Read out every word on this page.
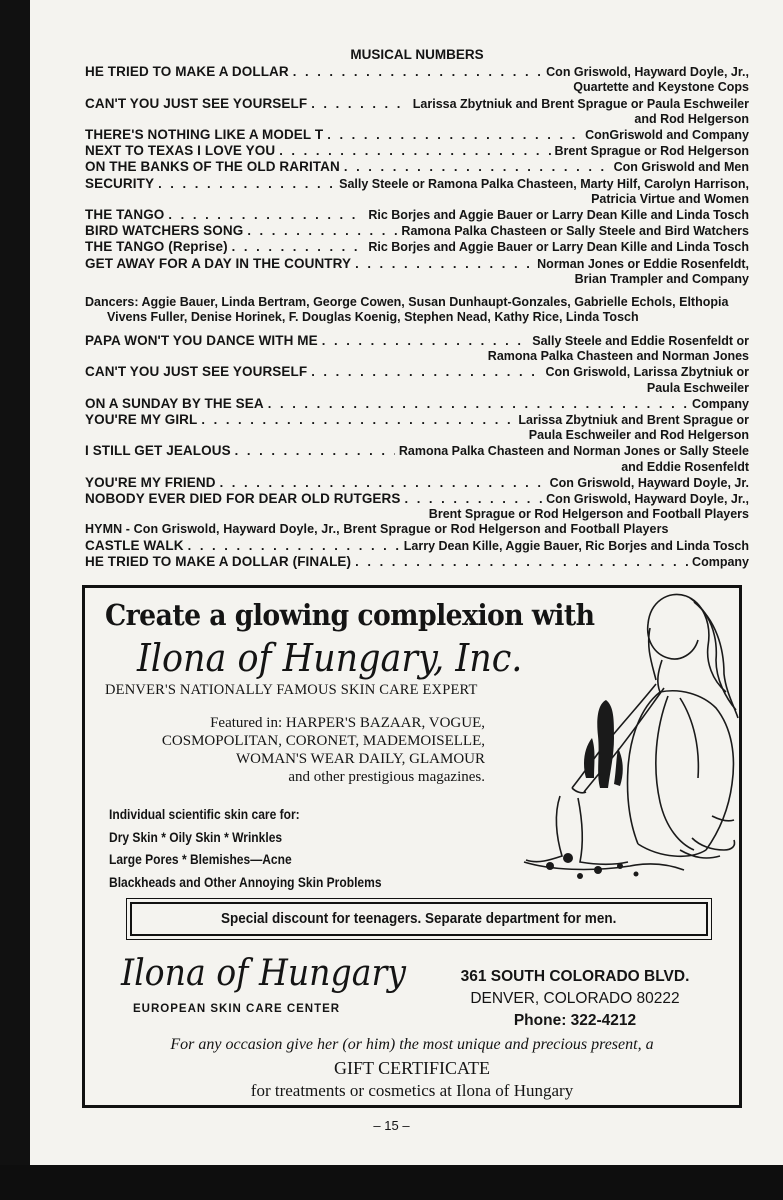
MUSICAL NUMBERS
HE TRIED TO MAKE A DOLLAR . . .	Con Griswold, Hayward Doyle, Jr.,
Quartette and Keystone Cops
CAN'T YOU JUST SEE YOURSELF . . .	Larissa Zbytniuk and Brent Sprague or Paula Eschweiler
and Rod Helgerson
THERE'S NOTHING LIKE A MODEL T . . .	ConGriswold and Company
NEXT TO TEXAS I LOVE YOU . . .	Brent Sprague or Rod Helgerson
ON THE BANKS OF THE OLD RARITAN . . .	Con Griswold and Men
SECURITY . . .	Sally Steele or Ramona Palka Chasteen, Marty Hilf, Carolyn Harrison,
Patricia Virtue and Women
THE TANGO . . .	Ric Borjes and Aggie Bauer or Larry Dean Kille and Linda Tosch
BIRD WATCHERS SONG . . .	Ramona Palka Chasteen or Sally Steele and Bird Watchers
THE TANGO (Reprise) . . .	Ric Borjes and Aggie Bauer or Larry Dean Kille and Linda Tosch
GET AWAY FOR A DAY IN THE COUNTRY . . .	Norman Jones or Eddie Rosenfeldt,
Brian Trampler and Company
Dancers: Aggie Bauer, Linda Bertram, George Cowen, Susan Dunhaupt-Gonzales, Gabrielle Echols, Elthopia Vivens Fuller, Denise Horinek, F. Douglas Koenig, Stephen Nead, Kathy Rice, Linda Tosch
PAPA WON'T YOU DANCE WITH ME . . .	Sally Steele and Eddie Rosenfeldt or
Ramona Palka Chasteen and Norman Jones
CAN'T YOU JUST SEE YOURSELF . . .	Con Griswold, Larissa Zbytniuk or
Paula Eschweiler
ON A SUNDAY BY THE SEA . . .	Company
YOU'RE MY GIRL . . .	Larissa Zbytniuk and Brent Sprague or
Paula Eschweiler and Rod Helgerson
I STILL GET JEALOUS . . .	Ramona Palka Chasteen and Norman Jones or Sally Steele
and Eddie Rosenfeldt
YOU'RE MY FRIEND . . .	Con Griswold, Hayward Doyle, Jr.
NOBODY EVER DIED FOR DEAR OLD RUTGERS . . .	Con Griswold, Hayward Doyle, Jr.,
Brent Sprague or Rod Helgerson and Football Players
HYMN - Con Griswold, Hayward Doyle, Jr., Brent Sprague or Rod Helgerson and Football Players
CASTLE WALK . . .	Larry Dean Kille, Aggie Bauer, Ric Borjes and Linda Tosch
HE TRIED TO MAKE A DOLLAR (FINALE) . . .	Company
Create a glowing complexion with
Ilona of Hungary, Inc.
DENVER'S NATIONALLY FAMOUS SKIN CARE EXPERT
Featured in: HARPER'S BAZAAR, VOGUE,
COSMOPOLITAN, CORONET, MADEMOISELLE,
WOMAN'S WEAR DAILY, GLAMOUR
and other prestigious magazines.
Individual scientific skin care for:
Dry Skin * Oily Skin * Wrinkles
Large Pores * Blemishes—Acne
Blackheads and Other Annoying Skin Problems
Special discount for teenagers. Separate department for men.
Ilona of Hungary
EUROPEAN SKIN CARE CENTER
361 SOUTH COLORADO BLVD.
DENVER, COLORADO 80222
Phone: 322-4212
For any occasion give her (or him) the most unique and precious present, a
GIFT CERTIFICATE
for treatments or cosmetics at Ilona of Hungary
– 15 –
